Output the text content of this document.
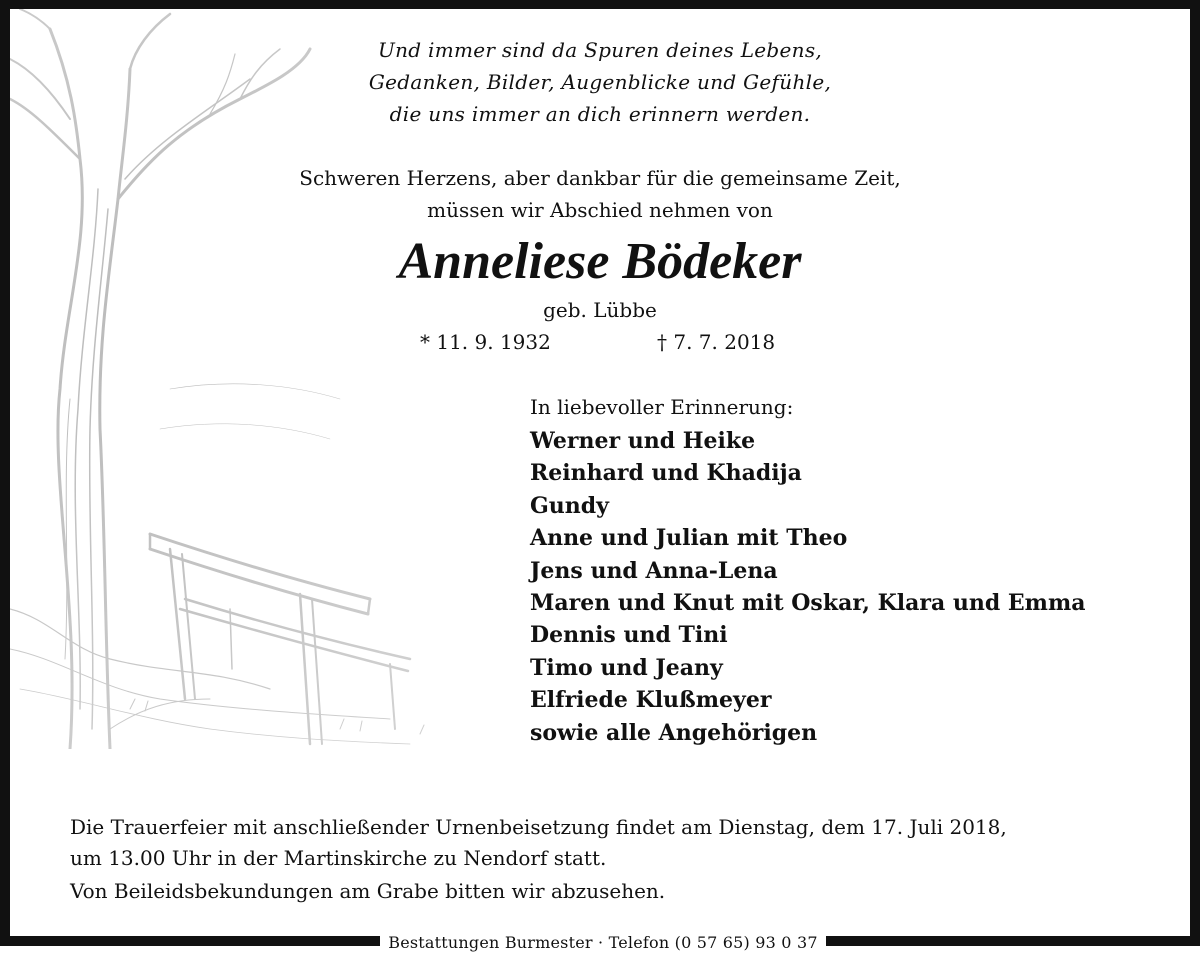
Und immer sind da Spuren deines Lebens,
Gedanken, Bilder, Augenblicke und Gefühle,
die uns immer an dich erinnern werden.
Schweren Herzens, aber dankbar für die gemeinsame Zeit,
müssen wir Abschied nehmen von
Anneliese Bödeker
geb. Lübbe
* 11. 9. 1932	† 7. 7. 2018
In liebevoller Erinnerung:
Werner und Heike
Reinhard und Khadija
Gundy
Anne und Julian mit Theo
Jens und Anna-Lena
Maren und Knut mit Oskar, Klara und Emma
Dennis und Tini
Timo und Jeany
Elfriede Klußmeyer
sowie alle Angehörigen
Die Trauerfeier mit anschließender Urnenbeisetzung findet am Dienstag, dem 17. Juli 2018,
um 13.00 Uhr in der Martinskirche zu Nendorf statt.
Von Beileidsbekundungen am Grabe bitten wir abzusehen.
Bestattungen Burmester · Telefon (0 57 65) 93 0 37
